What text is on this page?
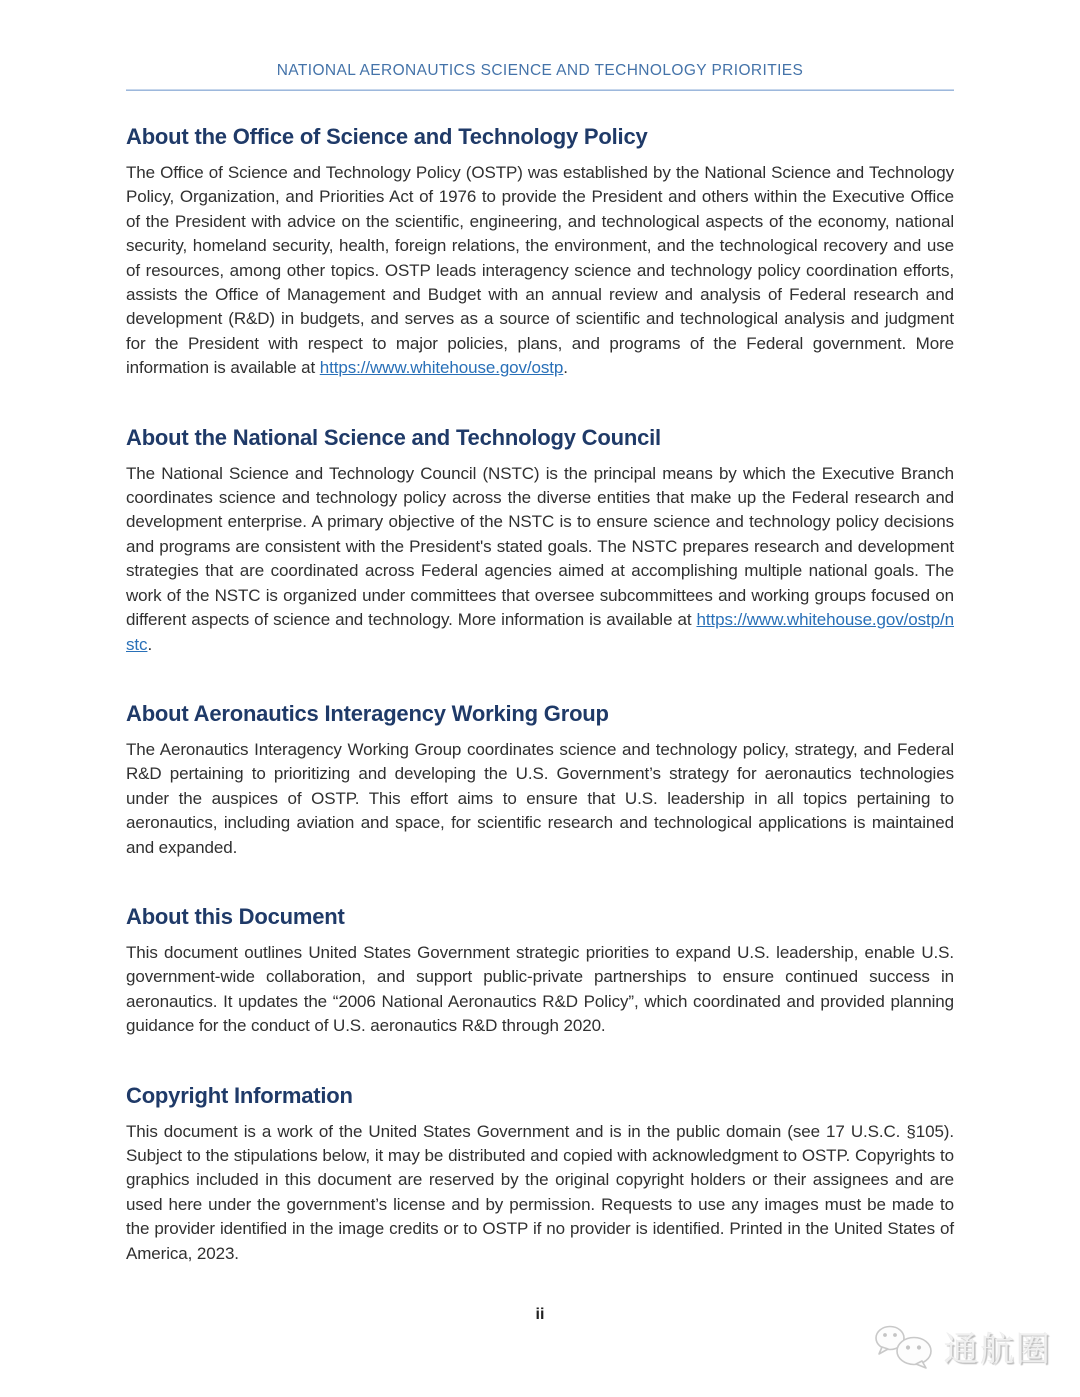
NATIONAL AERONAUTICS SCIENCE AND TECHNOLOGY PRIORITIES
About the Office of Science and Technology Policy

The Office of Science and Technology Policy (OSTP) was established by the National Science and Technology Policy, Organization, and Priorities Act of 1976 to provide the President and others within the Executive Office of the President with advice on the scientific, engineering, and technological aspects of the economy, national security, homeland security, health, foreign relations, the environment, and the technological recovery and use of resources, among other topics. OSTP leads interagency science and technology policy coordination efforts, assists the Office of Management and Budget with an annual review and analysis of Federal research and development (R&D) in budgets, and serves as a source of scientific and technological analysis and judgment for the President with respect to major policies, plans, and programs of the Federal government. More information is available at https://www.whitehouse.gov/ostp.

About the National Science and Technology Council

The National Science and Technology Council (NSTC) is the principal means by which the Executive Branch coordinates science and technology policy across the diverse entities that make up the Federal research and development enterprise. A primary objective of the NSTC is to ensure science and technology policy decisions and programs are consistent with the President's stated goals. The NSTC prepares research and development strategies that are coordinated across Federal agencies aimed at accomplishing multiple national goals. The work of the NSTC is organized under committees that oversee subcommittees and working groups focused on different aspects of science and technology. More information is available at https://www.whitehouse.gov/ostp/nstc.

About Aeronautics Interagency Working Group

The Aeronautics Interagency Working Group coordinates science and technology policy, strategy, and Federal R&D pertaining to prioritizing and developing the U.S. Government’s strategy for aeronautics technologies under the auspices of OSTP. This effort aims to ensure that U.S. leadership in all topics pertaining to aeronautics, including aviation and space, for scientific research and technological applications is maintained and expanded.

About this Document

This document outlines United States Government strategic priorities to expand U.S. leadership, enable U.S. government-wide collaboration, and support public-private partnerships to ensure continued success in aeronautics. It updates the “2006 National Aeronautics R&D Policy”, which coordinated and provided planning guidance for the conduct of U.S. aeronautics R&D through 2020.

Copyright Information

This document is a work of the United States Government and is in the public domain (see 17 U.S.C. §105). Subject to the stipulations below, it may be distributed and copied with acknowledgment to OSTP. Copyrights to graphics included in this document are reserved by the original copyright holders or their assignees and are used here under the government’s license and by permission. Requests to use any images must be made to the provider identified in the image credits or to OSTP if no provider is identified. Printed in the United States of America, 2023.

ii
通航圈
